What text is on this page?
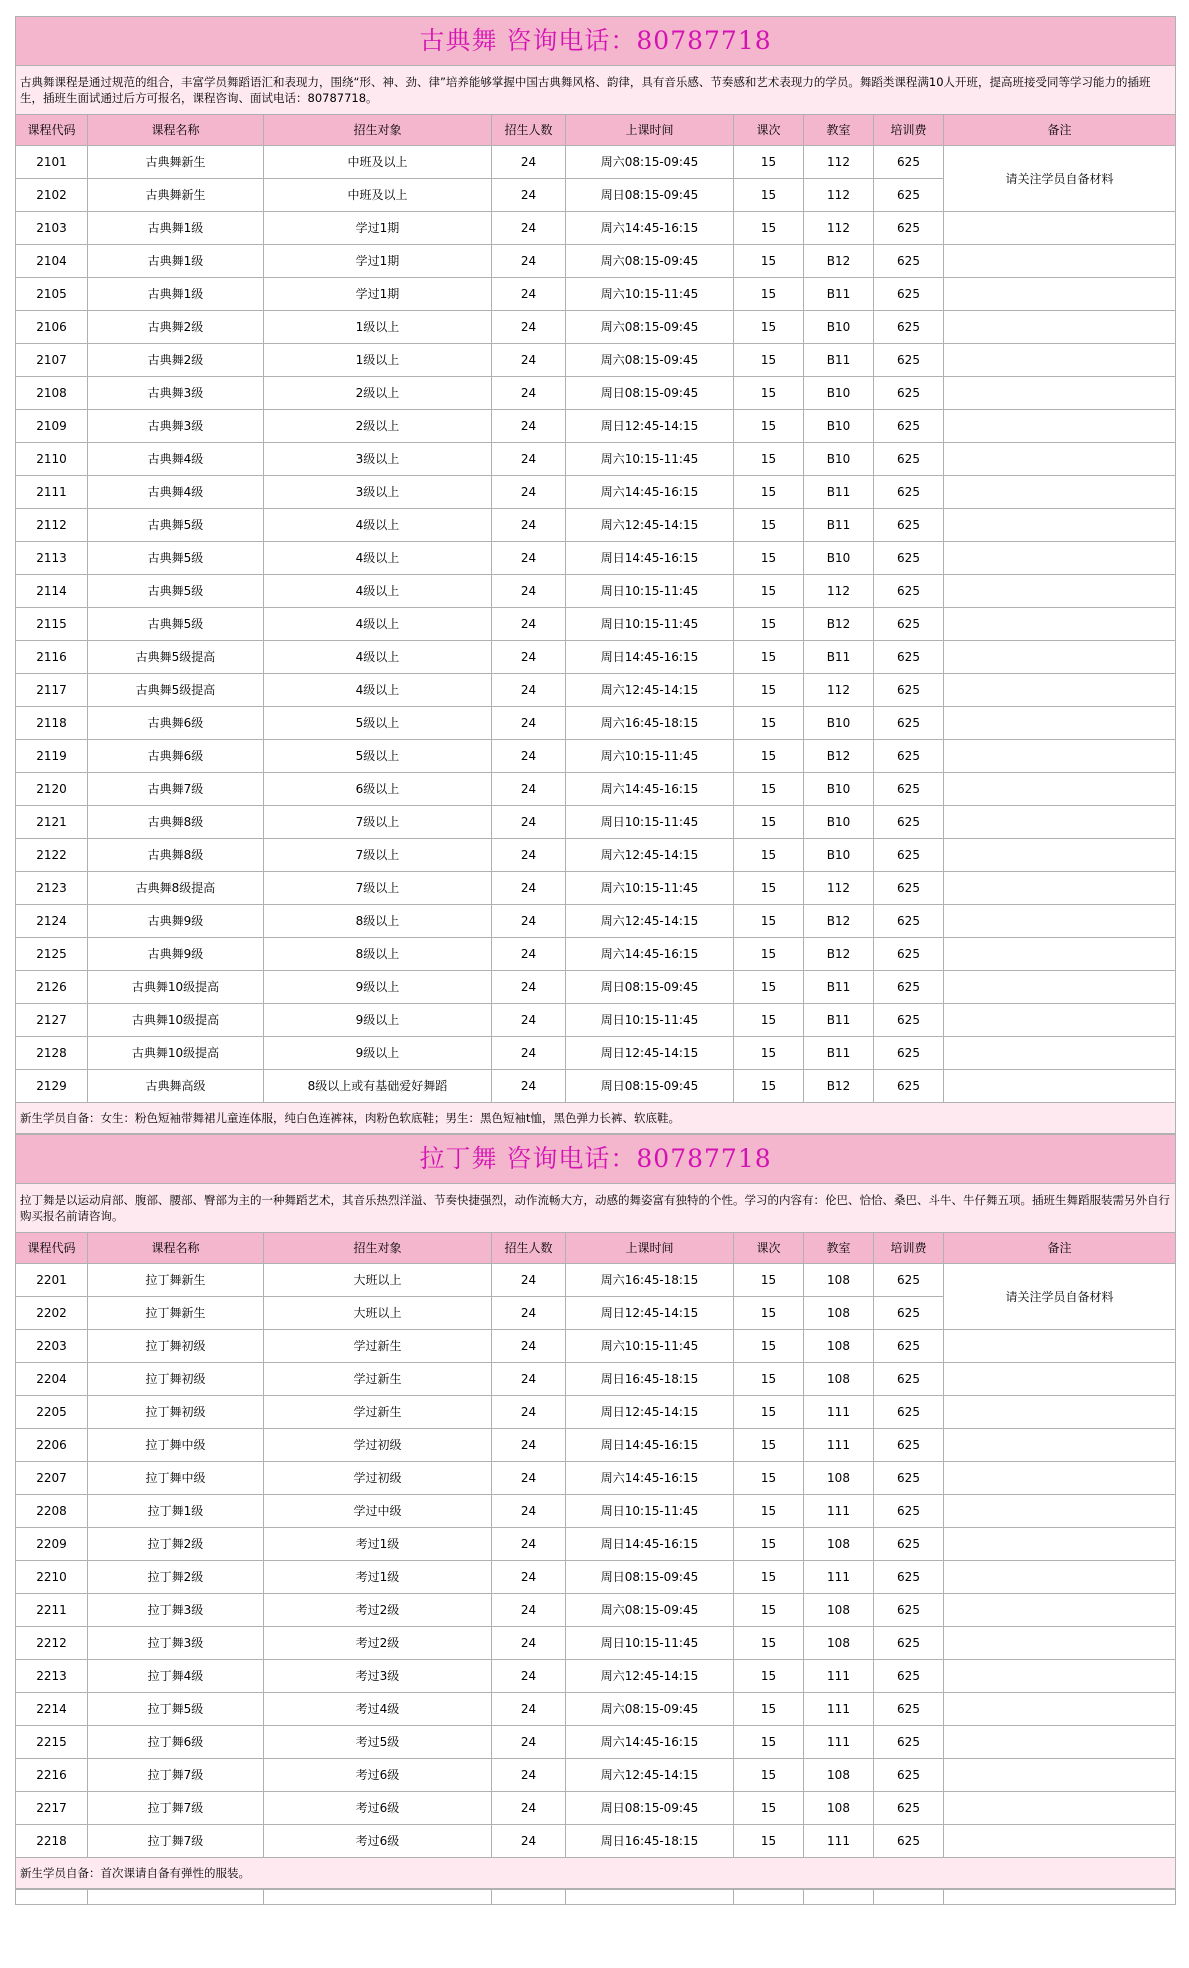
古典舞 咨询电话：80787718								
古典舞课程是通过规范的组合，丰富学员舞蹈语汇和表现力，围绕“形、神、劲、律”培养能够掌握中国古典舞风格、韵律，具有音乐感、节奏感和艺术表现力的学员。舞蹈类课程满10人开班，提高班接受同等学习能力的插班生，插班生面试通过后方可报名，课程咨询、面试电话：80787718。								
课程代码	课程名称	招生对象	招生人数	上课时间	课次	教室	培训费	备注
2101	古典舞新生	中班及以上	24	周六08:15-09:45	15	112	625	请关注学员自备材料
2102	古典舞新生	中班及以上	24	周日08:15-09:45	15	112	625	
2103	古典舞1级	学过1期	24	周六14:45-16:15	15	112	625	
2104	古典舞1级	学过1期	24	周六08:15-09:45	15	B12	625	
2105	古典舞1级	学过1期	24	周六10:15-11:45	15	B11	625	
2106	古典舞2级	1级以上	24	周六08:15-09:45	15	B10	625	
2107	古典舞2级	1级以上	24	周六08:15-09:45	15	B11	625	
2108	古典舞3级	2级以上	24	周日08:15-09:45	15	B10	625	
2109	古典舞3级	2级以上	24	周日12:45-14:15	15	B10	625	
2110	古典舞4级	3级以上	24	周六10:15-11:45	15	B10	625	
2111	古典舞4级	3级以上	24	周六14:45-16:15	15	B11	625	
2112	古典舞5级	4级以上	24	周六12:45-14:15	15	B11	625	
2113	古典舞5级	4级以上	24	周日14:45-16:15	15	B10	625	
2114	古典舞5级	4级以上	24	周日10:15-11:45	15	112	625	
2115	古典舞5级	4级以上	24	周日10:15-11:45	15	B12	625	
2116	古典舞5级提高	4级以上	24	周日14:45-16:15	15	B11	625	
2117	古典舞5级提高	4级以上	24	周六12:45-14:15	15	112	625	
2118	古典舞6级	5级以上	24	周六16:45-18:15	15	B10	625	
2119	古典舞6级	5级以上	24	周六10:15-11:45	15	B12	625	
2120	古典舞7级	6级以上	24	周六14:45-16:15	15	B10	625	
2121	古典舞8级	7级以上	24	周日10:15-11:45	15	B10	625	
2122	古典舞8级	7级以上	24	周六12:45-14:15	15	B10	625	
2123	古典舞8级提高	7级以上	24	周六10:15-11:45	15	112	625	
2124	古典舞9级	8级以上	24	周六12:45-14:15	15	B12	625	
2125	古典舞9级	8级以上	24	周六14:45-16:15	15	B12	625	
2126	古典舞10级提高	9级以上	24	周日08:15-09:45	15	B11	625	
2127	古典舞10级提高	9级以上	24	周日10:15-11:45	15	B11	625	
2128	古典舞10级提高	9级以上	24	周日12:45-14:15	15	B11	625	
2129	古典舞高级	8级以上或有基础爱好舞蹈	24	周日08:15-09:45	15	B12	625	
新生学员自备：女生：粉色短袖带舞裙儿童连体服，纯白色连裤袜，肉粉色软底鞋；男生：黑色短袖t恤，黑色弹力长裤、软底鞋。								
拉丁舞 咨询电话：80787718								
拉丁舞是以运动肩部、腹部、腰部、臀部为主的一种舞蹈艺术，其音乐热烈洋溢、节奏快捷强烈，动作流畅大方，动感的舞姿富有独特的个性。学习的内容有：伦巴、恰恰、桑巴、斗牛、牛仔舞五项。插班生舞蹈服装需另外自行购买报名前请咨询。								
课程代码	课程名称	招生对象	招生人数	上课时间	课次	教室	培训费	备注
2201	拉丁舞新生	大班以上	24	周六16:45-18:15	15	108	625	请关注学员自备材料
2202	拉丁舞新生	大班以上	24	周日12:45-14:15	15	108	625	
2203	拉丁舞初级	学过新生	24	周六10:15-11:45	15	108	625	
2204	拉丁舞初级	学过新生	24	周日16:45-18:15	15	108	625	
2205	拉丁舞初级	学过新生	24	周日12:45-14:15	15	111	625	
2206	拉丁舞中级	学过初级	24	周日14:45-16:15	15	111	625	
2207	拉丁舞中级	学过初级	24	周六14:45-16:15	15	108	625	
2208	拉丁舞1级	学过中级	24	周日10:15-11:45	15	111	625	
2209	拉丁舞2级	考过1级	24	周日14:45-16:15	15	108	625	
2210	拉丁舞2级	考过1级	24	周日08:15-09:45	15	111	625	
2211	拉丁舞3级	考过2级	24	周六08:15-09:45	15	108	625	
2212	拉丁舞3级	考过2级	24	周日10:15-11:45	15	108	625	
2213	拉丁舞4级	考过3级	24	周六12:45-14:15	15	111	625	
2214	拉丁舞5级	考过4级	24	周六08:15-09:45	15	111	625	
2215	拉丁舞6级	考过5级	24	周六14:45-16:15	15	111	625	
2216	拉丁舞7级	考过6级	24	周六12:45-14:15	15	108	625	
2217	拉丁舞7级	考过6级	24	周日08:15-09:45	15	108	625	
2218	拉丁舞7级	考过6级	24	周日16:45-18:15	15	111	625	
新生学员自备：首次课请自备有弹性的服装。								
